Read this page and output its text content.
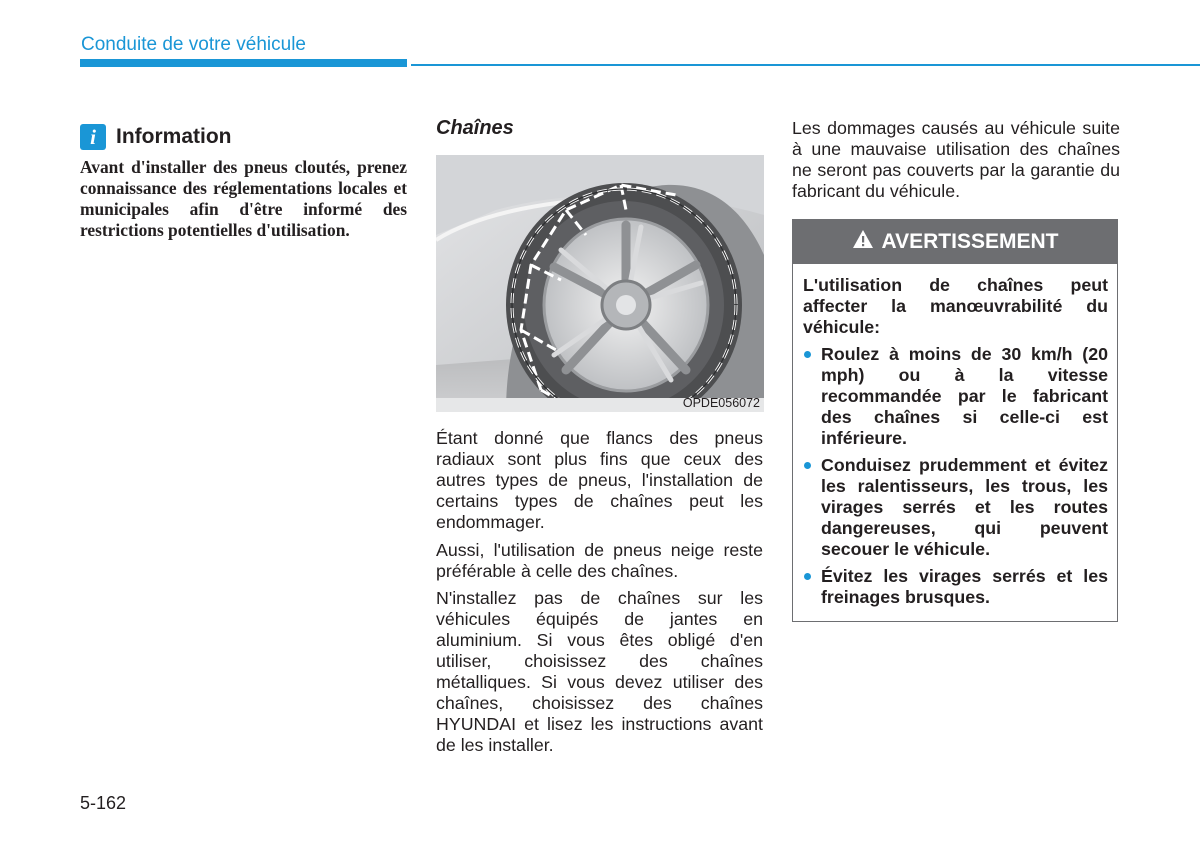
Conduite de votre véhicule
i Information
Avant d'installer des pneus cloutés, prenez connaissance des réglementations locales et municipales afin d'être informé des restrictions potentielles d'utilisation.
Chaînes
OPDE056072

Étant donné que flancs des pneus radiaux sont plus fins que ceux des autres types de pneus, l'installation de certains types de chaînes peut les endommager.

Aussi, l'utilisation de pneus neige reste préférable à celle des chaînes.

N'installez pas de chaînes sur les véhicules équipés de jantes en aluminium. Si vous êtes obligé d'en utiliser, choisissez des chaînes métalliques. Si vous devez utiliser des chaînes, choisissez des chaînes HYUNDAI et lisez les instructions avant de les installer.

Les dommages causés au véhicule suite à une mauvaise utilisation des chaînes ne seront pas couverts par la garantie du fabricant du véhicule.

AVERTISSEMENT

L'utilisation de chaînes peut affecter la manœuvrabilité du véhicule:

Roulez à moins de 30 km/h (20 mph) ou à la vitesse recommandée par le fabricant des chaînes si celle-ci est inférieure.
Conduisez prudemment et évitez les ralentisseurs, les trous, les virages serrés et les routes dangereuses, qui peuvent secouer le véhicule.
Évitez les virages serrés et les freinages brusques.
5-162
